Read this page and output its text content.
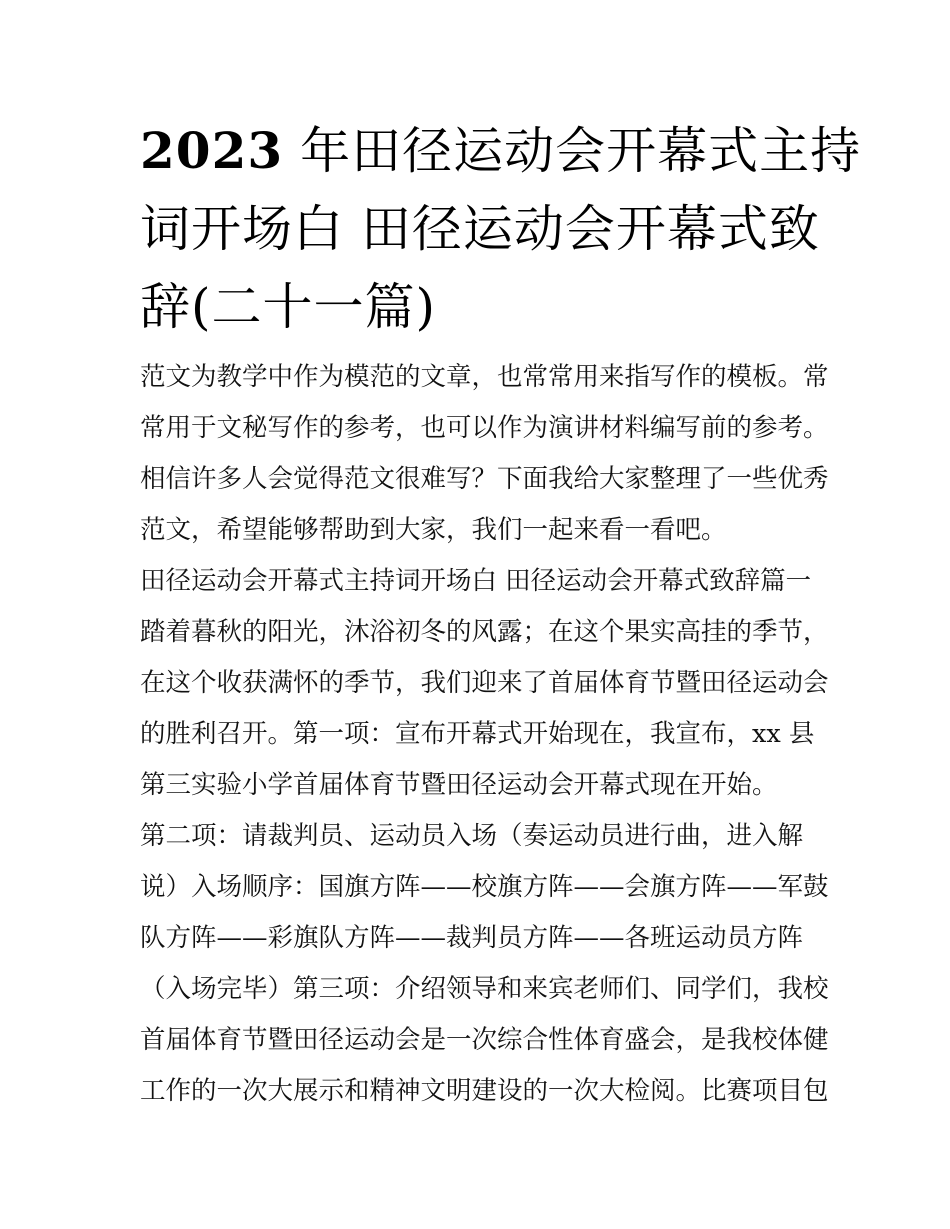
2023 年田径运动会开幕式主持
词开场白 田径运动会开幕式致
辞(二十一篇)
范文为教学中作为模范的文章，也常常用来指写作的模板。常
常用于文秘写作的参考，也可以作为演讲材料编写前的参考。
相信许多人会觉得范文很难写？下面我给大家整理了一些优秀
范文，希望能够帮助到大家，我们一起来看一看吧。
田径运动会开幕式主持词开场白 田径运动会开幕式致辞篇一
踏着暮秋的阳光，沐浴初冬的风露；在这个果实高挂的季节，
在这个收获满怀的季节，我们迎来了首届体育节暨田径运动会
的胜利召开。第一项：宣布开幕式开始现在，我宣布，xx 县
第三实验小学首届体育节暨田径运动会开幕式现在开始。
第二项：请裁判员、运动员入场（奏运动员进行曲，进入解
说）入场顺序：国旗方阵——校旗方阵——会旗方阵——军鼓
队方阵——彩旗队方阵——裁判员方阵——各班运动员方阵
（入场完毕）第三项：介绍领导和来宾老师们、同学们，我校
首届体育节暨田径运动会是一次综合性体育盛会，是我校体健
工作的一次大展示和精神文明建设的一次大检阅。比赛项目包
